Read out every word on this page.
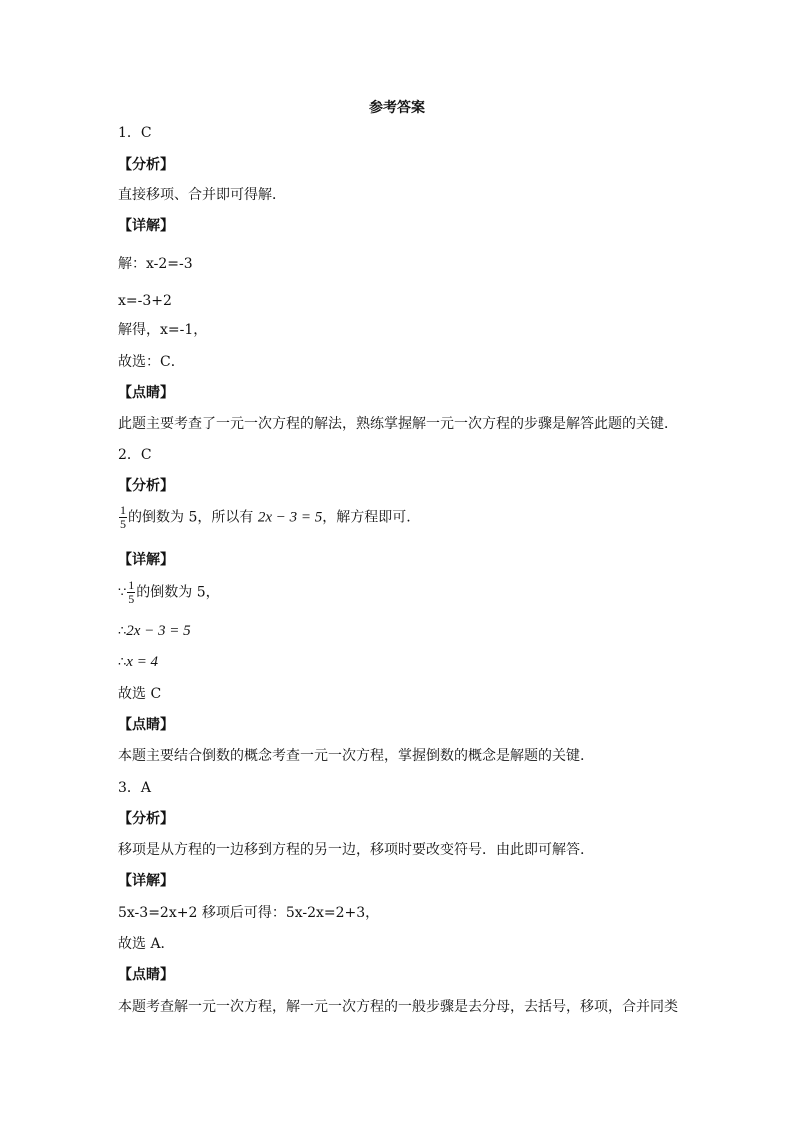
参考答案
1．C
【分析】
直接移项、合并即可得解．
【详解】
解：x-2=-3
x=-3+2
解得，x=-1，
故选：C．
【点睛】
此题主要考查了一元一次方程的解法，熟练掌握解一元一次方程的步骤是解答此题的关键．
2．C
【分析】
$\frac{1}{5}$ 的倒数为 5，所以有 2x − 3 = 5，解方程即可.
【详解】
∵ $\frac{1}{5}$ 的倒数为 5，
∴2x − 3 = 5
∴x = 4
故选 C
【点睛】
本题主要结合倒数的概念考查一元一次方程，掌握倒数的概念是解题的关键.
3．A
【分析】
移项是从方程的一边移到方程的另一边，移项时要改变符号．由此即可解答.
【详解】
5x-3=2x+2 移项后可得：5x-2x=2+3，
故选 A．
【点睛】
本题考查解一元一次方程，解一元一次方程的一般步骤是去分母，去括号，移项，合并同类
